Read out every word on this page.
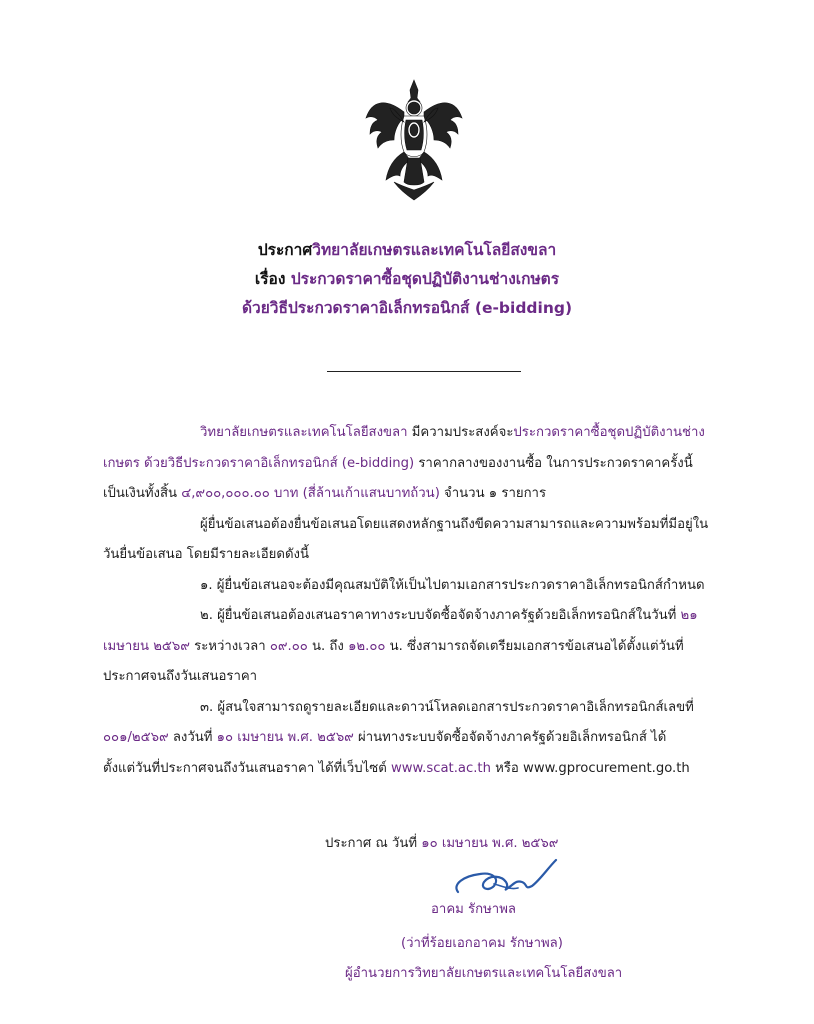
ประกาศวิทยาลัยเกษตรและเทคโนโลยีสงขลา
เรื่อง ประกวดราคาซื้อชุดปฏิบัติงานช่างเกษตร
ด้วยวิธีประกวดราคาอิเล็กทรอนิกส์ (e-bidding)

วิทยาลัยเกษตรและเทคโนโลยีสงขลา มีความประสงค์จะประกวดราคาซื้อชุดปฏิบัติงานช่าง

เกษตร ด้วยวิธีประกวดราคาอิเล็กทรอนิกส์ (e-bidding) ราคากลางของงานซื้อ ในการประกวดราคาครั้งนี้

เป็นเงินทั้งสิ้น ๔,๙๐๐,๐๐๐.๐๐ บาท (สี่ล้านเก้าแสนบาทถ้วน) จำนวน ๑ รายการ

ผู้ยื่นข้อเสนอต้องยื่นข้อเสนอโดยแสดงหลักฐานถึงขีดความสามารถและความพร้อมที่มีอยู่ใน

วันยื่นข้อเสนอ โดยมีรายละเอียดดังนี้

๑. ผู้ยื่นข้อเสนอจะต้องมีคุณสมบัติให้เป็นไปตามเอกสารประกวดราคาอิเล็กทรอนิกส์กำหนด

๒. ผู้ยื่นข้อเสนอต้องเสนอราคาทางระบบจัดซื้อจัดจ้างภาครัฐด้วยอิเล็กทรอนิกส์ในวันที่ ๒๑

เมษายน ๒๕๖๙ ระหว่างเวลา ๐๙.๐๐ น. ถึง ๑๒.๐๐ น. ซึ่งสามารถจัดเตรียมเอกสารข้อเสนอได้ตั้งแต่วันที่

ประกาศจนถึงวันเสนอราคา

๓. ผู้สนใจสามารถดูรายละเอียดและดาวน์โหลดเอกสารประกวดราคาอิเล็กทรอนิกส์เลขที่

๐๐๑/๒๕๖๙ ลงวันที่ ๑๐ เมษายน พ.ศ. ๒๕๖๙ ผ่านทางระบบจัดซื้อจัดจ้างภาครัฐด้วยอิเล็กทรอนิกส์ ได้

ตั้งแต่วันที่ประกาศจนถึงวันเสนอราคา ได้ที่เว็บไซต์ www.scat.ac.th หรือ www.gprocurement.go.th

ประกาศ ณ วันที่ ๑๐ เมษายน พ.ศ. ๒๕๖๙
อาคม รักษาพล
(ว่าที่ร้อยเอกอาคม รักษาพล)
ผู้อำนวยการวิทยาลัยเกษตรและเทคโนโลยีสงขลา
